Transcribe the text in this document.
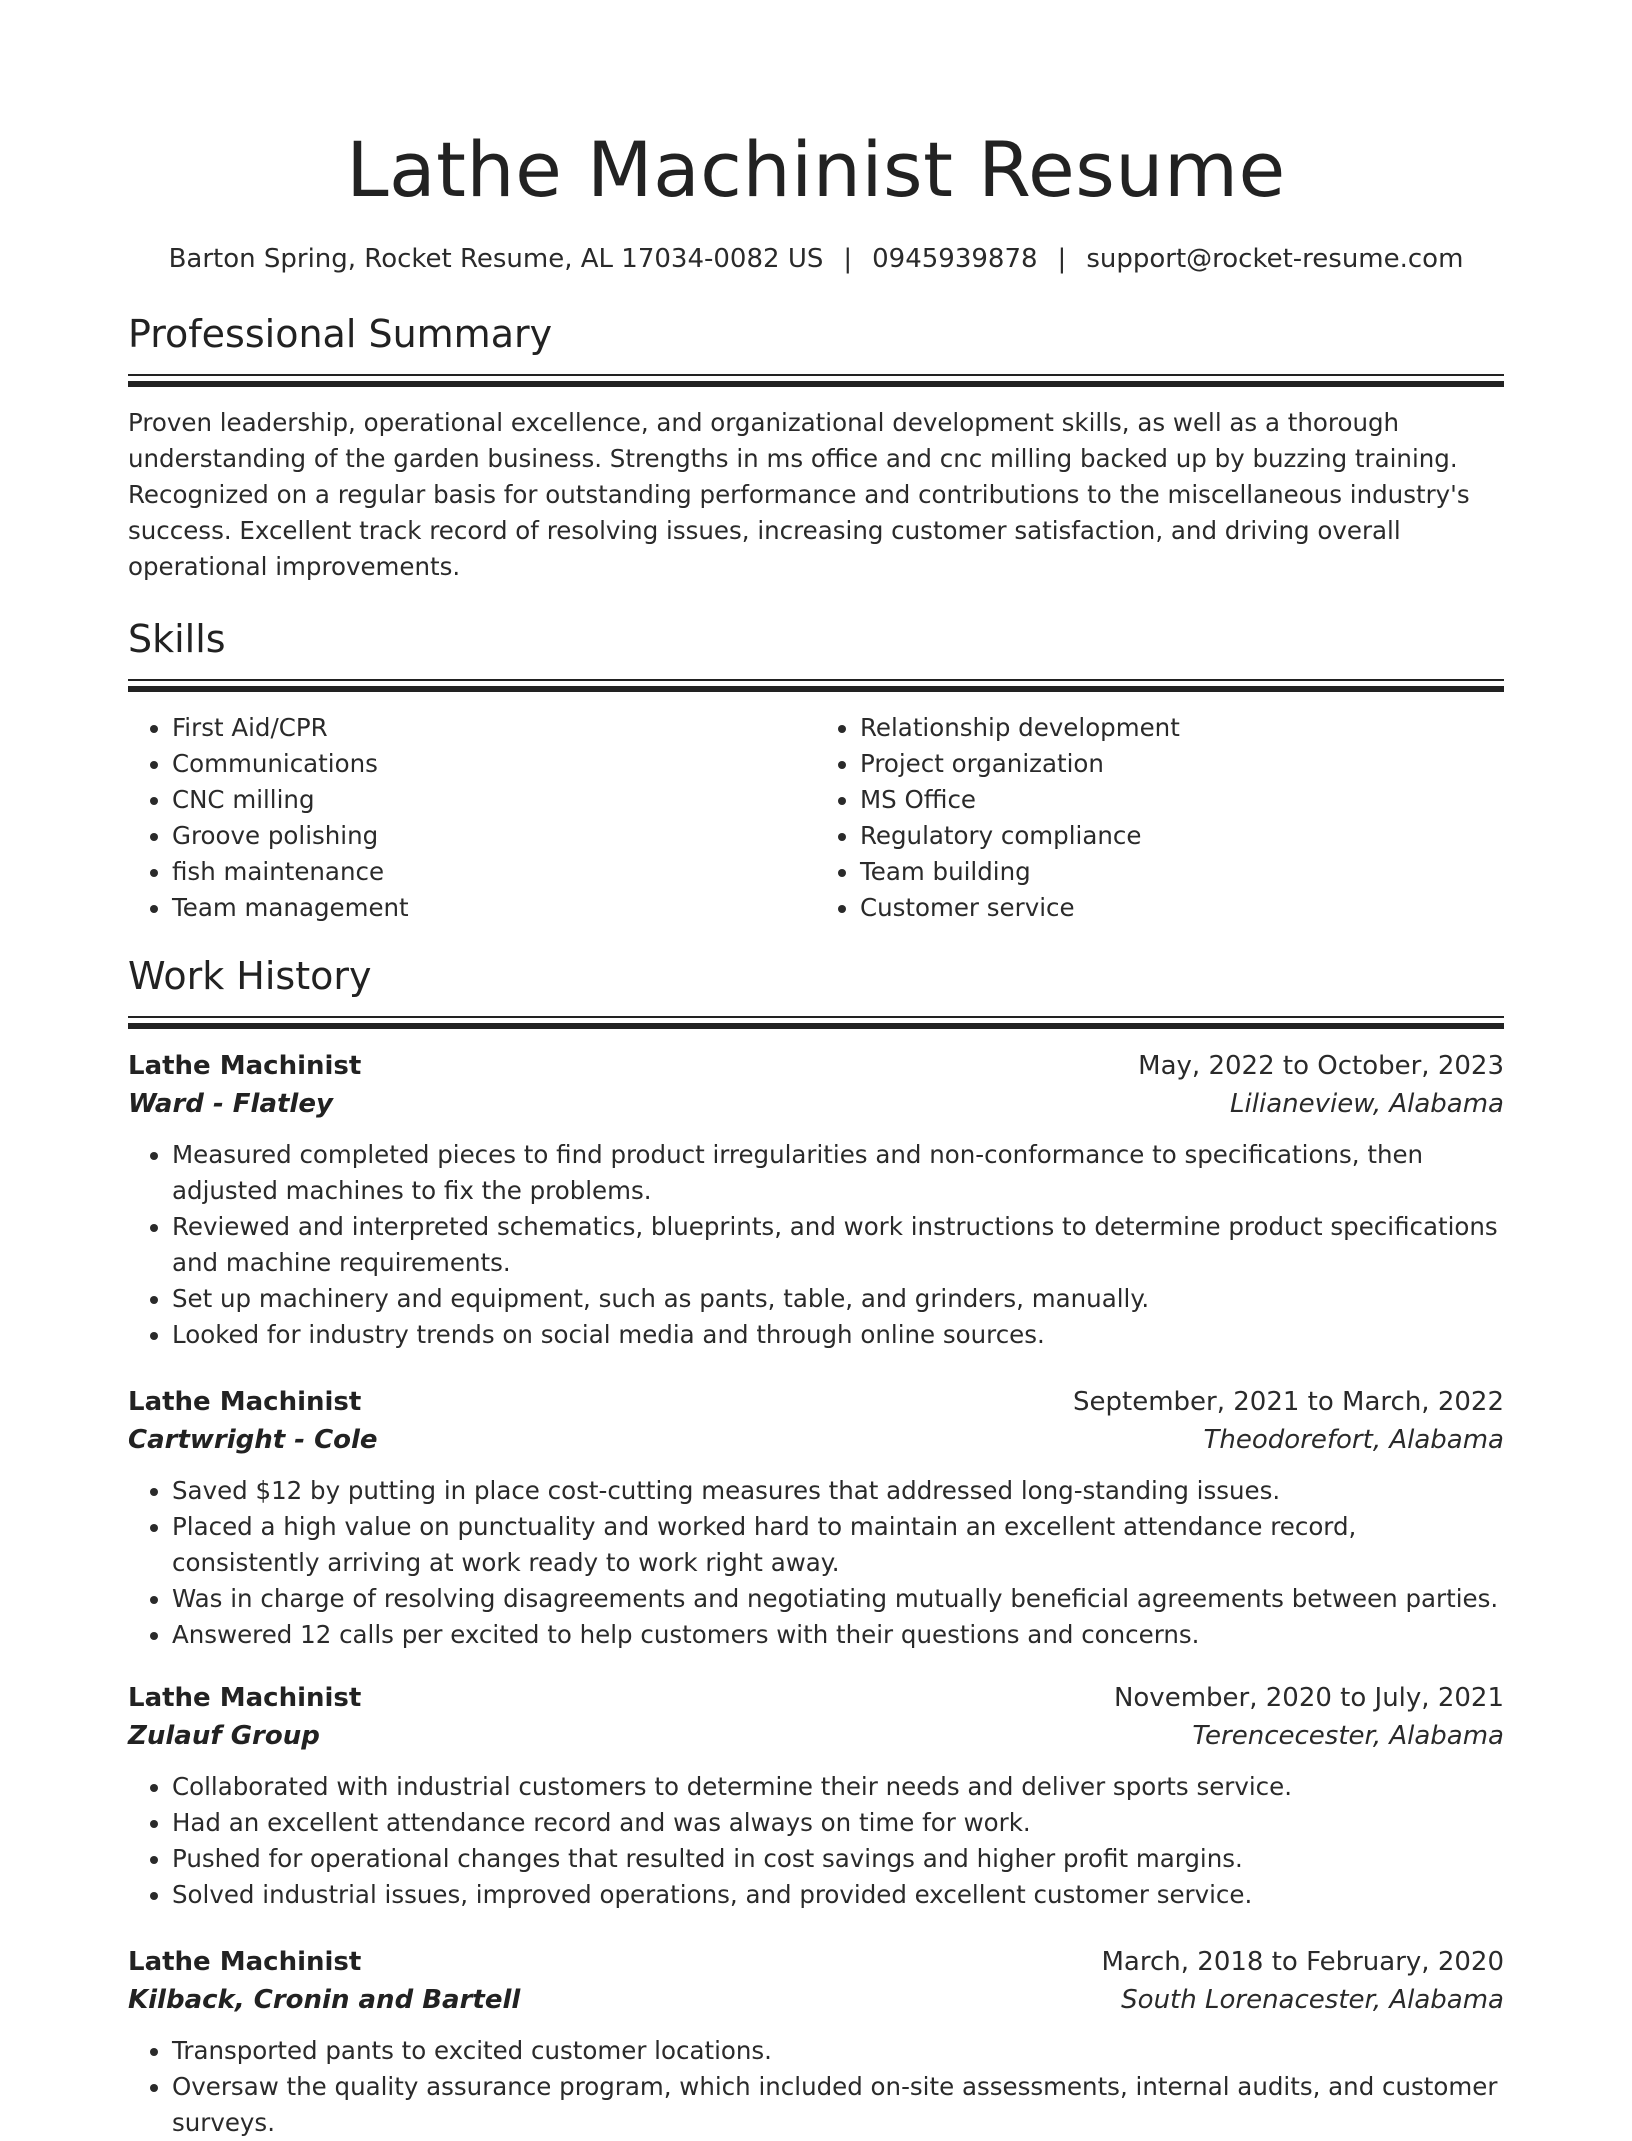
Lathe Machinist Resume
Barton Spring, Rocket Resume, AL 17034-0082 US | 0945939878 | support@rocket-resume.com
Professional Summary

Proven leadership, operational excellence, and organizational development skills, as well as a thorough understanding of the garden business. Strengths in ms office and cnc milling backed up by buzzing training. Recognized on a regular basis for outstanding performance and contributions to the miscellaneous industry's success. Excellent track record of resolving issues, increasing customer satisfaction, and driving overall operational improvements.

Skills
• First Aid/CPR
• Communications
• CNC milling
• Groove polishing
• fish maintenance
• Team management
• Relationship development
• Project organization
• MS Office
• Regulatory compliance
• Team building
• Customer service
Work History
Lathe Machinist	May, 2022 to October, 2023
Ward - Flatley	Lilianeview, Alabama
• Measured completed pieces to find product irregularities and non-conformance to specifications, then adjusted machines to fix the problems.
• Reviewed and interpreted schematics, blueprints, and work instructions to determine product specifications and machine requirements.
• Set up machinery and equipment, such as pants, table, and grinders, manually.
• Looked for industry trends on social media and through online sources.
Lathe Machinist	September, 2021 to March, 2022
Cartwright - Cole	Theodorefort, Alabama
• Saved $12 by putting in place cost-cutting measures that addressed long-standing issues.
• Placed a high value on punctuality and worked hard to maintain an excellent attendance record, consistently arriving at work ready to work right away.
• Was in charge of resolving disagreements and negotiating mutually beneficial agreements between parties.
• Answered 12 calls per excited to help customers with their questions and concerns.
Lathe Machinist	November, 2020 to July, 2021
Zulauf Group	Terencecester, Alabama
• Collaborated with industrial customers to determine their needs and deliver sports service.
• Had an excellent attendance record and was always on time for work.
• Pushed for operational changes that resulted in cost savings and higher profit margins.
• Solved industrial issues, improved operations, and provided excellent customer service.
Lathe Machinist	March, 2018 to February, 2020
Kilback, Cronin and Bartell	South Lorenacester, Alabama
• Transported pants to excited customer locations.
• Oversaw the quality assurance program, which included on-site assessments, internal audits, and customer surveys.
